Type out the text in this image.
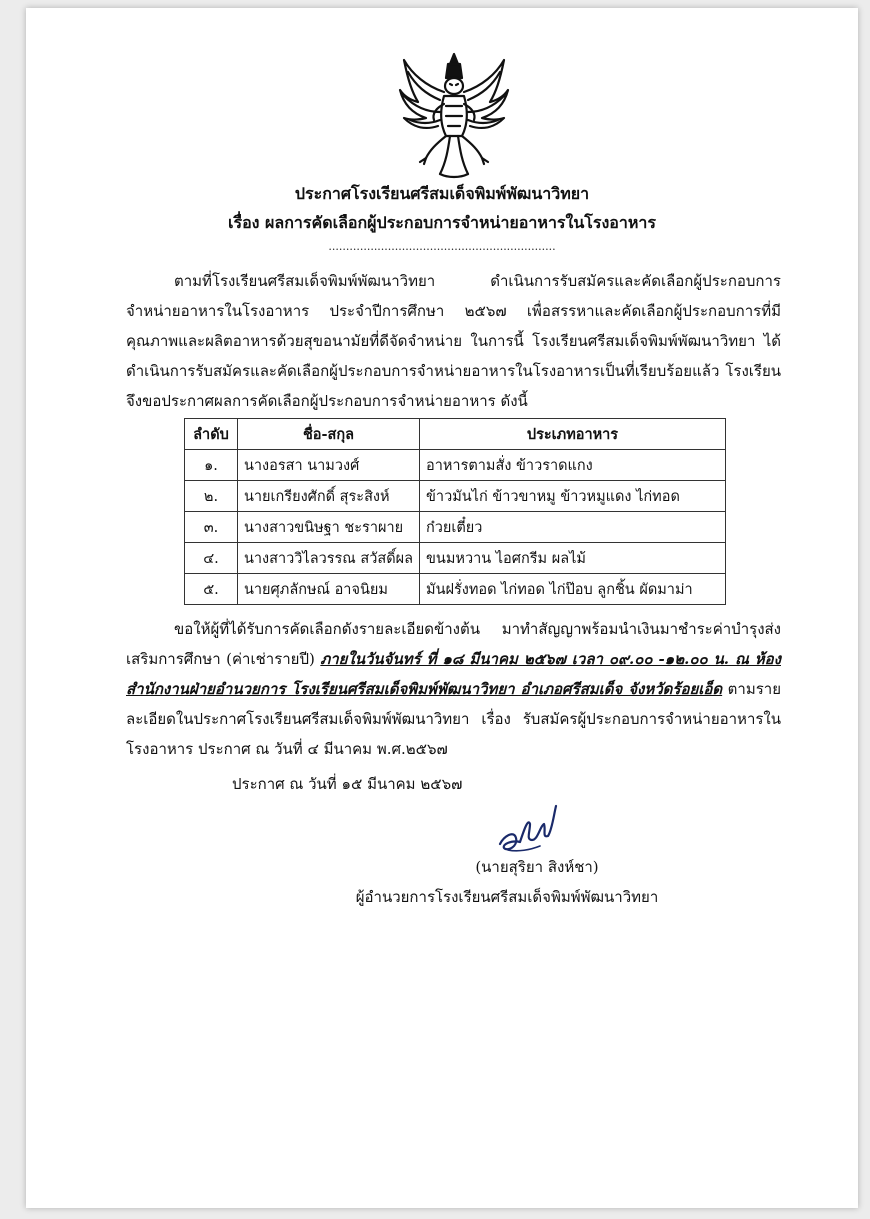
ประกาศโรงเรียนศรีสมเด็จพิมพ์พัฒนาวิทยา
เรื่อง ผลการคัดเลือกผู้ประกอบการจำหน่ายอาหารในโรงอาหาร
.................................................................
ตามที่โรงเรียนศรีสมเด็จพิมพ์พัฒนาวิทยา ดำเนินการรับสมัครและคัดเลือกผู้ประกอบการจำหน่ายอาหารในโรงอาหาร ประจำปีการศึกษา ๒๕๖๗ เพื่อสรรหาและคัดเลือกผู้ประกอบการที่มีคุณภาพและผลิตอาหารด้วยสุขอนามัยที่ดีจัดจำหน่าย ในการนี้ โรงเรียนศรีสมเด็จพิมพ์พัฒนาวิทยา ได้ดำเนินการรับสมัครและคัดเลือกผู้ประกอบการจำหน่ายอาหารในโรงอาหารเป็นที่เรียบร้อยแล้ว โรงเรียนจึงขอประกาศผลการคัดเลือกผู้ประกอบการจำหน่ายอาหาร ดังนี้
ลำดับ	ชื่อ-สกุล	ประเภทอาหาร
๑.	นางอรสา นามวงศ์	อาหารตามสั่ง ข้าวราดแกง
๒.	นายเกรียงศักดิ์ สุระสิงห์	ข้าวมันไก่ ข้าวขาหมู ข้าวหมูแดง ไก่ทอด
๓.	นางสาวขนิษฐา ชะราผาย	ก๋วยเตี๋ยว
๔.	นางสาววิไลวรรณ สวัสดิ์ผล	ขนมหวาน ไอศกรีม ผลไม้
๕.	นายศุภลักษณ์ อาจนิยม	มันฝรั่งทอด ไก่ทอด ไก่ป๊อบ ลูกชิ้น ผัดมาม่า
ขอให้ผู้ที่ได้รับการคัดเลือกดังรายละเอียดข้างต้น มาทำสัญญาพร้อมนำเงินมาชำระค่าบำรุงส่งเสริมการศึกษา (ค่าเช่ารายปี) ภายในวันจันทร์ ที่ ๑๘ มีนาคม ๒๕๖๗ เวลา ๐๙.๐๐ -๑๒.๐๐ น. ณ ห้องสำนักงานฝ่ายอำนวยการ โรงเรียนศรีสมเด็จพิมพ์พัฒนาวิทยา อำเภอศรีสมเด็จ จังหวัดร้อยเอ็ด ตามรายละเอียดในประกาศโรงเรียนศรีสมเด็จพิมพ์พัฒนาวิทยา เรื่อง รับสมัครผู้ประกอบการจำหน่ายอาหารในโรงอาหาร ประกาศ ณ วันที่ ๔ มีนาคม พ.ศ.๒๕๖๗
ประกาศ ณ วันที่ ๑๕ มีนาคม ๒๕๖๗
(นายสุริยา สิงห์ชา)
ผู้อำนวยการโรงเรียนศรีสมเด็จพิมพ์พัฒนาวิทยา
